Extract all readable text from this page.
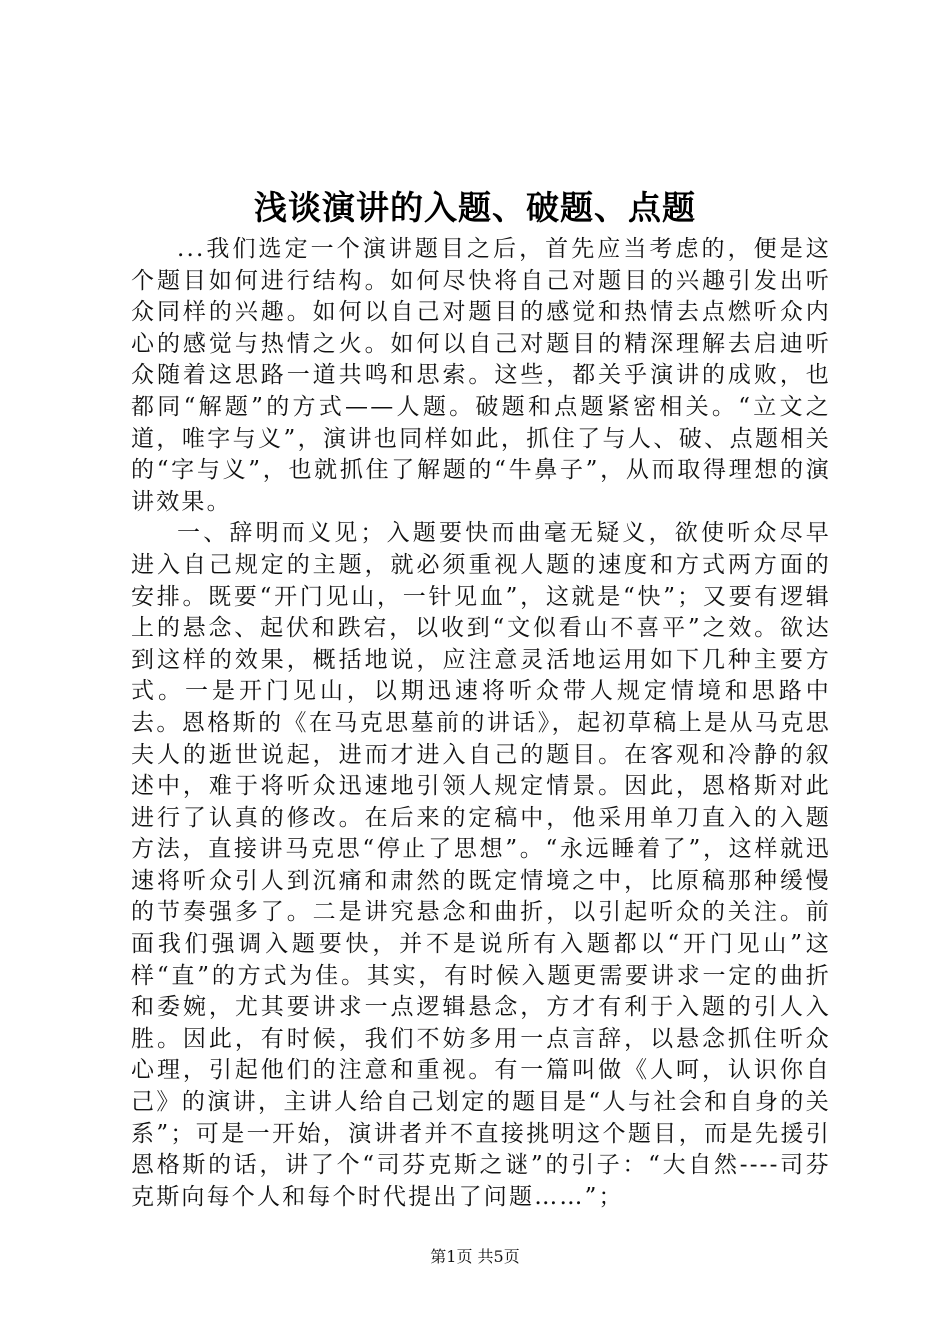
浅谈演讲的入题、破题、点题

...我们选定一个演讲题目之后，首先应当考虑的，便是这个题目如何进行结构。如何尽快将自己对题目的兴趣引发出听众同样的兴趣。如何以自己对题目的感觉和热情去点燃听众内心的感觉与热情之火。如何以自己对题目的精深理解去启迪听众随着这思路一道共鸣和思索。这些，都关乎演讲的成败，也都同“解题”的方式——人题。破题和点题紧密相关。“立文之道，唯字与义”，演讲也同样如此，抓住了与人、破、点题相关的“字与义”，也就抓住了解题的“牛鼻子”，从而取得理想的演讲效果。

一、辞明而义见；入题要快而曲毫无疑义，欲使听众尽早进入自己规定的主题，就必须重视人题的速度和方式两方面的安排。既要“开门见山，一针见血”，这就是“快”；又要有逻辑上的悬念、起伏和跌宕，以收到“文似看山不喜平”之效。欲达到这样的效果，概括地说，应注意灵活地运用如下几种主要方式。一是开门见山，以期迅速将听众带人规定情境和思路中去。恩格斯的《在马克思墓前的讲话》，起初草稿上是从马克思夫人的逝世说起，进而才进入自己的题目。在客观和冷静的叙述中，难于将听众迅速地引领人规定情景。因此，恩格斯对此进行了认真的修改。在后来的定稿中，他采用单刀直入的入题方法，直接讲马克思“停止了思想”。“永远睡着了”，这样就迅速将听众引人到沉痛和肃然的既定情境之中，比原稿那种缓慢的节奏强多了。二是讲究悬念和曲折，以引起听众的关注。前面我们强调入题要快，并不是说所有入题都以“开门见山”这样“直”的方式为佳。其实，有时候入题更需要讲求一定的曲折和委婉，尤其要讲求一点逻辑悬念，方才有利于入题的引人入胜。因此，有时候，我们不妨多用一点言辞，以悬念抓住听众心理，引起他们的注意和重视。有一篇叫做《人呵，认识你自己》的演讲，主讲人给自己划定的题目是“人与社会和自身的关系”；可是一开始，演讲者并不直接挑明这个题目，而是先援引恩格斯的话，讲了个“司芬克斯之谜”的引子：“大自然----司芬克斯向每个人和每个时代提出了问题……”；

第1页 共5页
